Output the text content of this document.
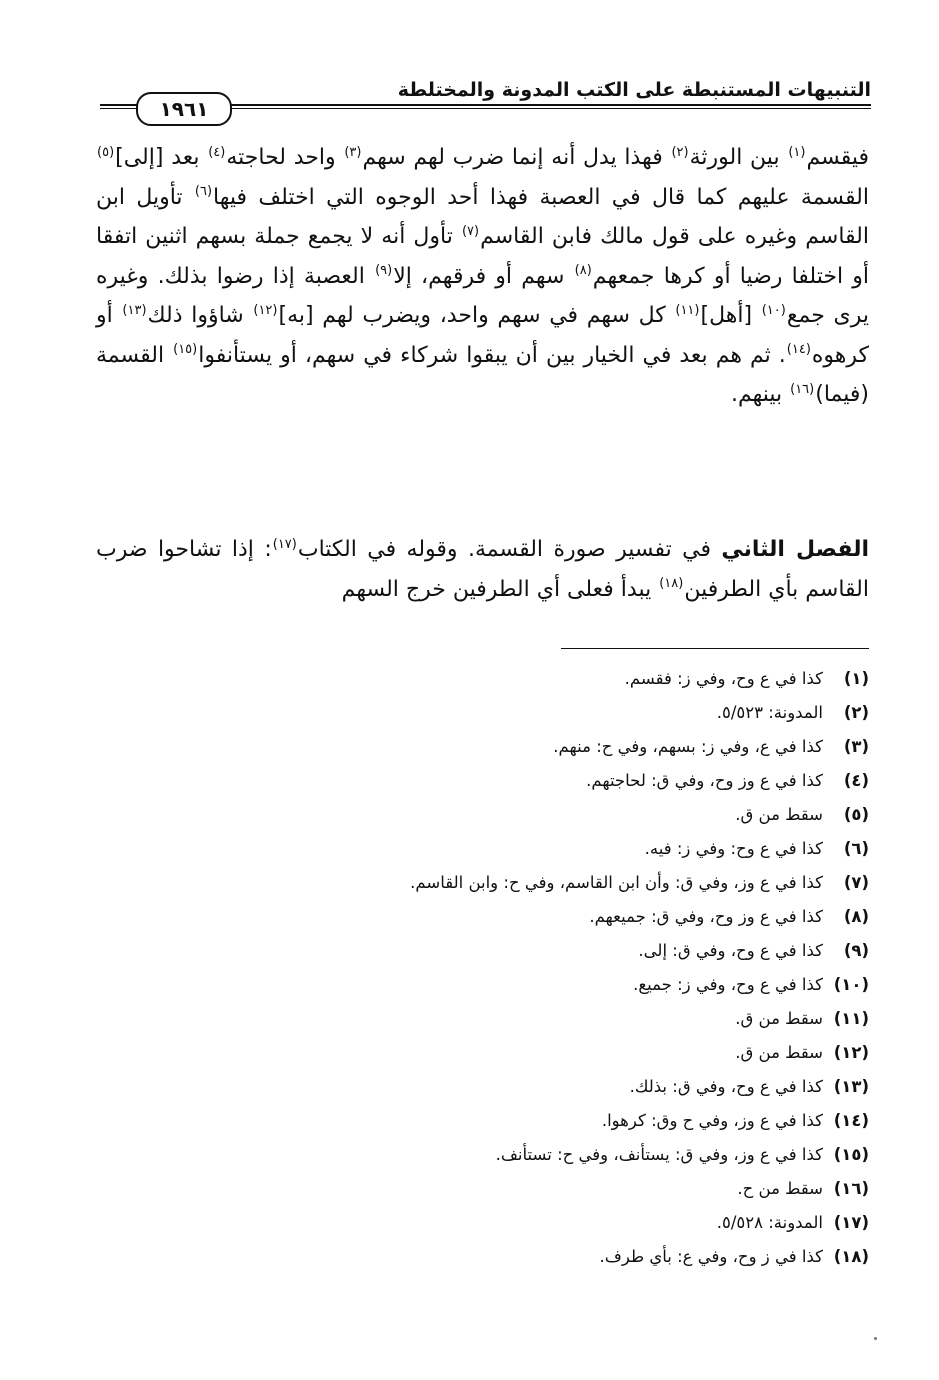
التنبيهات المستنبطة على الكتب المدونة والمختلطة
١٩٦١

فيقسم$^{(١)}$ بين الورثة$^{(٢)}$ فهذا يدل أنه إنما ضرب لهم سهم$^{(٣)}$ واحد لحاجته$^{(٤)}$ بعد [إلى]$^{(٥)}$ القسمة عليهم كما قال في العصبة فهذا أحد الوجوه التي اختلف فيها$^{(٦)}$ تأويل ابن القاسم وغيره على قول مالك فابن القاسم$^{(٧)}$ تأول أنه لا يجمع جملة بسهم اثنين اتفقا أو اختلفا رضيا أو كرها جمعهم$^{(٨)}$ سهم أو فرقهم، إلا$^{(٩)}$ العصبة إذا رضوا بذلك. وغيره يرى جمع$^{(١٠)}$ [أهل]$^{(١١)}$ كل سهم في سهم واحد، ويضرب لهم [به]$^{(١٢)}$ شاؤوا ذلك$^{(١٣)}$ أو كرهوه$^{(١٤)}$. ثم هم بعد في الخيار بين أن يبقوا شركاء في سهم، أو يستأنفوا$^{(١٥)}$ القسمة (فيما)$^{(١٦)}$ بينهم.

الفصل الثاني في تفسير صورة القسمة. وقوله في الكتاب$^{(١٧)}$: إذا تشاحوا ضرب القاسم بأي الطرفين$^{(١٨)}$ يبدأ فعلى أي الطرفين خرج السهم

(١)
كذا في ع وح، وفي ز: فقسم.
(٢)
المدونة: ٥/٥٢٣.
(٣)
كذا في ع، وفي ز: بسهم، وفي ح: منهم.
(٤)
كذا في ع وز وح، وفي ق: لحاجتهم.
(٥)
سقط من ق.
(٦)
كذا في ع وح: وفي ز: فيه.
(٧)
كذا في ع وز، وفي ق: وأن ابن القاسم، وفي ح: وابن القاسم.
(٨)
كذا في ع وز وح، وفي ق: جميعهم.
(٩)
كذا في ع وح، وفي ق: إلى.
(١٠)
كذا في ع وح، وفي ز: جميع.
(١١)
سقط من ق.
(١٢)
سقط من ق.
(١٣)
كذا في ع وح، وفي ق: بذلك.
(١٤)
كذا في ع وز، وفي ح وق: كرهوا.
(١٥)
كذا في ع وز، وفي ق: يستأنف، وفي ح: تستأنف.
(١٦)
سقط من ح.
(١٧)
المدونة: ٥/٥٢٨.
(١٨)
كذا في ز وح، وفي ع: بأي طرف.
